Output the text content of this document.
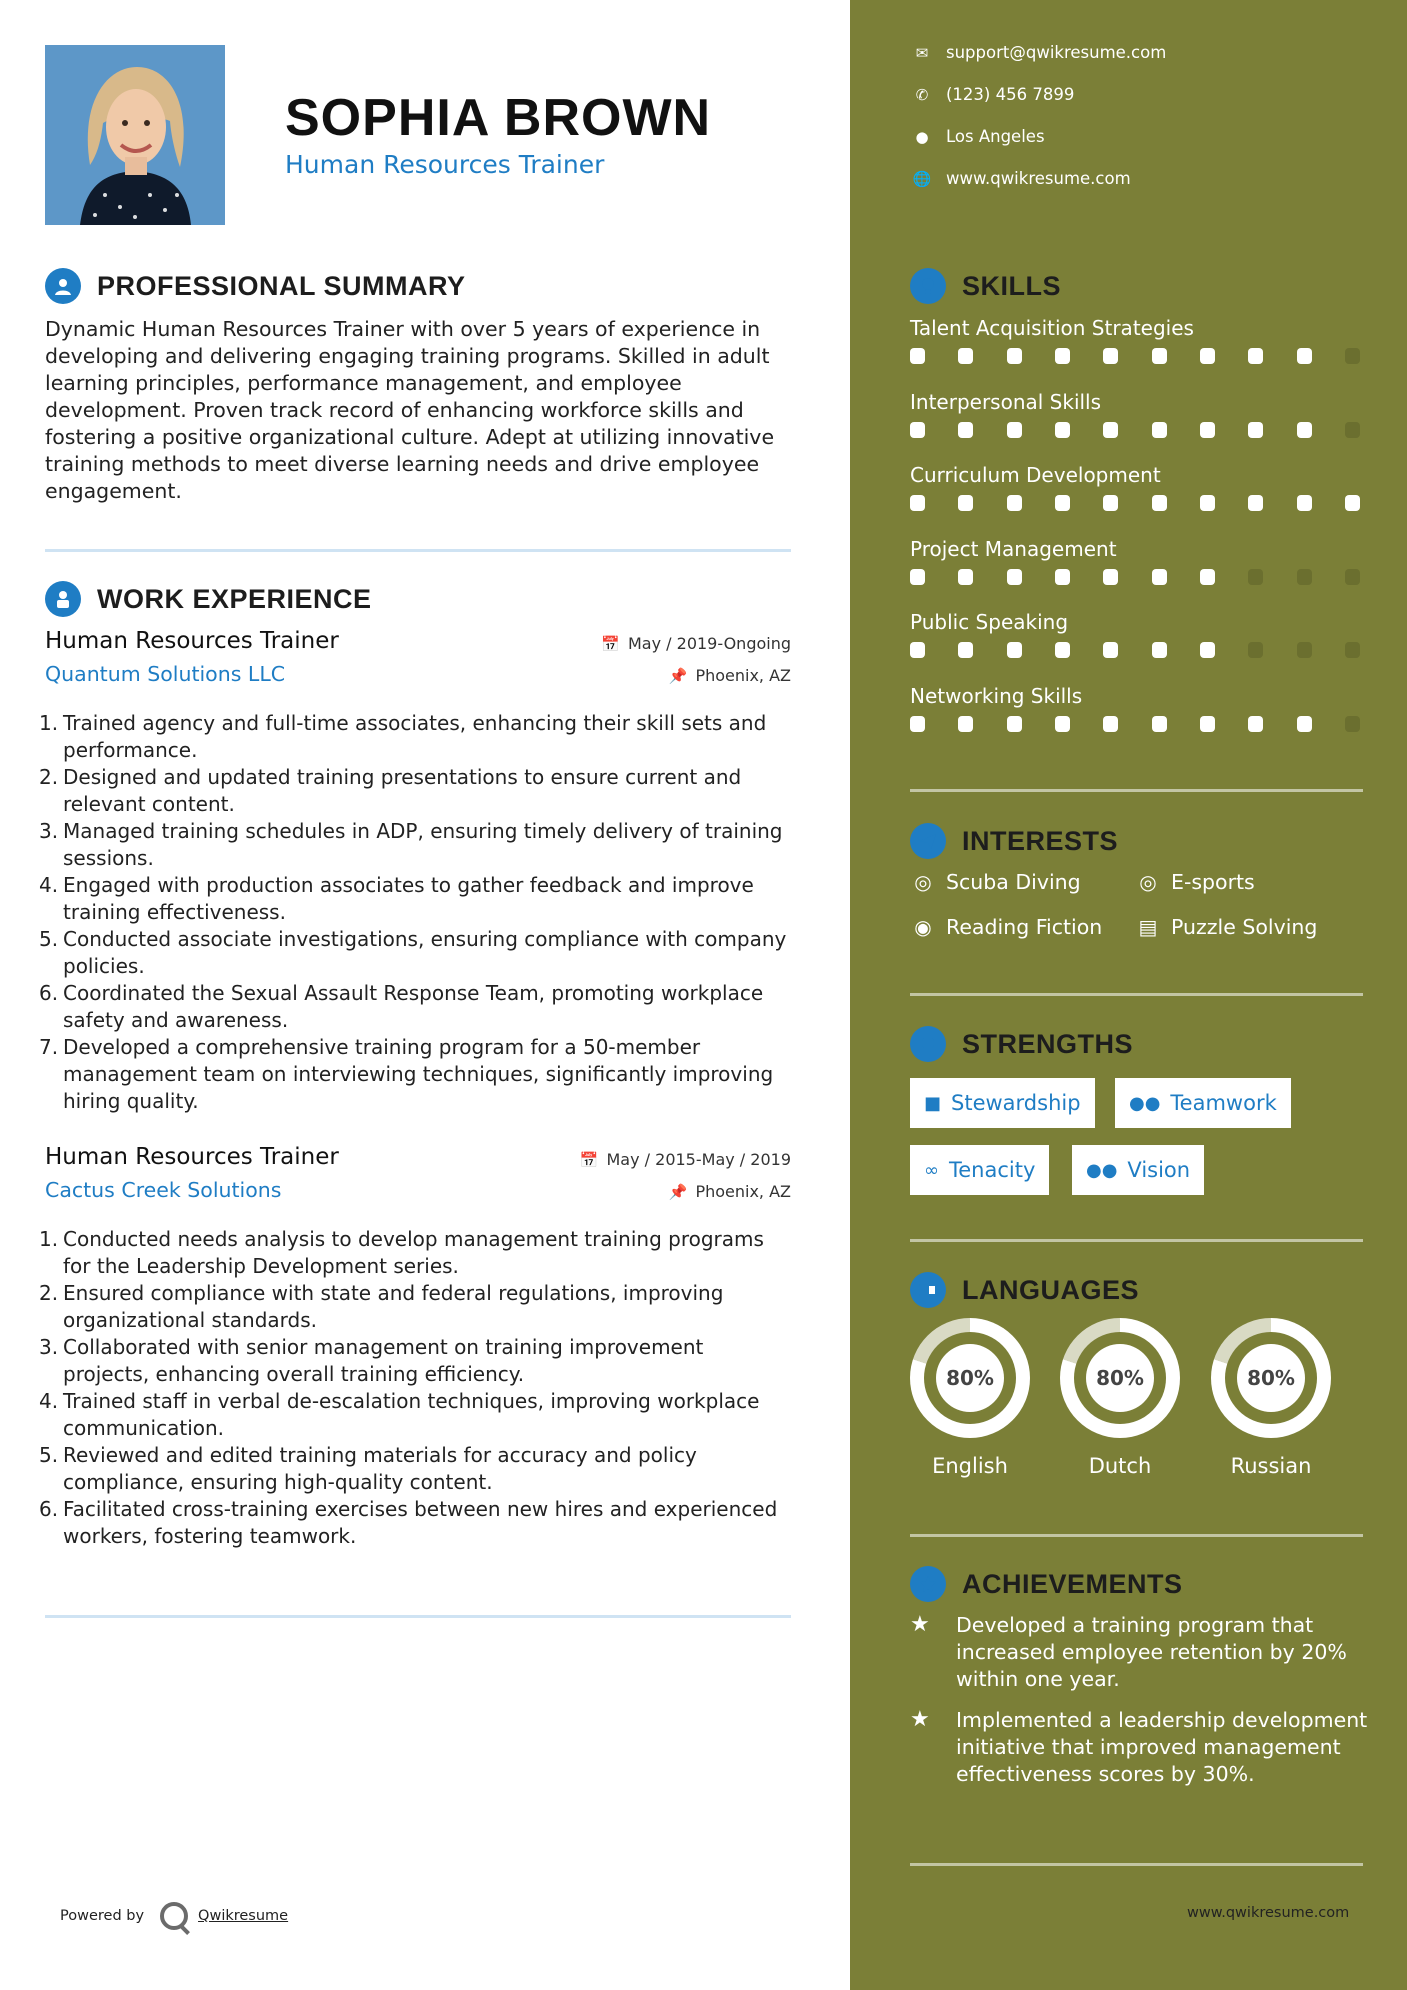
SOPHIA BROWN
Human Resources Trainer
PROFESSIONAL SUMMARY
Dynamic Human Resources Trainer with over 5 years of experience in developing and delivering engaging training programs. Skilled in adult learning principles, performance management, and employee development. Proven track record of enhancing workforce skills and fostering a positive organizational culture. Adept at utilizing innovative training methods to meet diverse learning needs and drive employee engagement.
WORK EXPERIENCE
Human Resources Trainer	📅 May / 2019-Ongoing
Quantum Solutions LLC	📌 Phoenix, AZ
1. Trained agency and full-time associates, enhancing their skill sets and performance.
2. Designed and updated training presentations to ensure current and relevant content.
3. Managed training schedules in ADP, ensuring timely delivery of training sessions.
4. Engaged with production associates to gather feedback and improve training effectiveness.
5. Conducted associate investigations, ensuring compliance with company policies.
6. Coordinated the Sexual Assault Response Team, promoting workplace safety and awareness.
7. Developed a comprehensive training program for a 50-member management team on interviewing techniques, significantly improving hiring quality.
Human Resources Trainer	📅 May / 2015-May / 2019
Cactus Creek Solutions	📌 Phoenix, AZ
1. Conducted needs analysis to develop management training programs for the Leadership Development series.
2. Ensured compliance with state and federal regulations, improving organizational standards.
3. Collaborated with senior management on training improvement projects, enhancing overall training efficiency.
4. Trained staff in verbal de-escalation techniques, improving workplace communication.
5. Reviewed and edited training materials for accuracy and policy compliance, ensuring high-quality content.
6. Facilitated cross-training exercises between new hires and experienced workers, fostering teamwork.
Powered by	Qwikresume
✉	support@qwikresume.com
✆	(123) 456 7899
●	Los Angeles
🌐 www.qwikresume.com
SKILLS
Talent Acquisition Strategies
Interpersonal Skills
Curriculum Development
Project Management
Public Speaking
Networking Skills
INTERESTS
◎ Scuba Diving	◎ E-sports
◉ Reading Fiction ▤ Puzzle Solving
STRENGTHS
■ Stewardship	●● Teamwork
∞ Tenacity	●● Vision
LANGUAGES
80%
English
80%
Dutch
80%
Russian
ACHIEVEMENTS
★	Developed a training program that increased employee retention by 20% within one year.
★	Implemented a leadership development initiative that improved management effectiveness scores by 30%.
www.qwikresume.com
